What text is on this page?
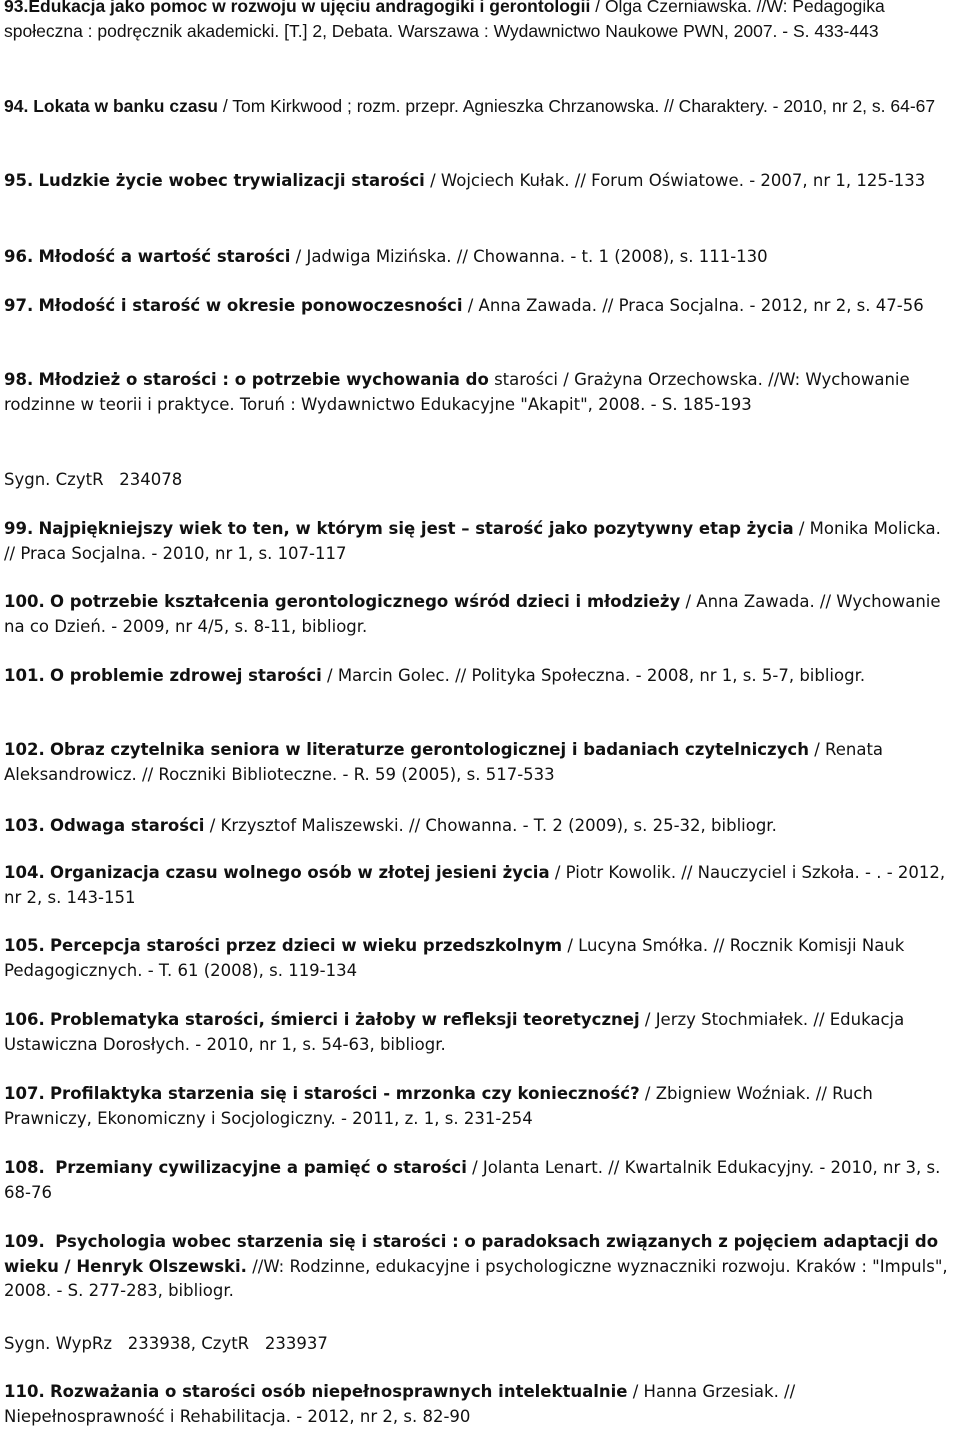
93.Edukacja jako pomoc w rozwoju w ujęciu andragogiki i gerontologii / Olga Czerniawska. //W: Pedagogika społeczna : podręcznik akademicki. [T.] 2, Debata. Warszawa : Wydawnictwo Naukowe PWN, 2007. - S. 433-443

94. Lokata w banku czasu / Tom Kirkwood ; rozm. przepr. Agnieszka Chrzanowska. // Charaktery. - 2010, nr 2, s. 64-67

95. Ludzkie życie wobec trywializacji starości / Wojciech Kułak. // Forum Oświatowe. - 2007, nr 1, 125-133

96. Młodość a wartość starości / Jadwiga Mizińska. // Chowanna. - t. 1 (2008), s. 111-130

97. Młodość i starość w okresie ponowoczesności / Anna Zawada. // Praca Socjalna. - 2012, nr 2, s. 47-56

98. Młodzież o starości : o potrzebie wychowania do starości / Grażyna Orzechowska. //W: Wychowanie rodzinne w teorii i praktyce. Toruń : Wydawnictwo Edukacyjne "Akapit", 2008. - S. 185-193

Sygn. CzytR   234078

99. Najpiękniejszy wiek to ten, w którym się jest – starość jako pozytywny etap życia / Monika Molicka. // Praca Socjalna. - 2010, nr 1, s. 107-117

100. O potrzebie kształcenia gerontologicznego wśród dzieci i młodzieży / Anna Zawada. // Wychowanie na co Dzień. - 2009, nr 4/5, s. 8-11, bibliogr.

101. O problemie zdrowej starości / Marcin Golec. // Polityka Społeczna. - 2008, nr 1, s. 5-7, bibliogr.

102. Obraz czytelnika seniora w literaturze gerontologicznej i badaniach czytelniczych / Renata Aleksandrowicz. // Roczniki Biblioteczne. - R. 59 (2005), s. 517-533

103. Odwaga starości / Krzysztof Maliszewski. // Chowanna. - T. 2 (2009), s. 25-32, bibliogr.

104. Organizacja czasu wolnego osób w złotej jesieni życia / Piotr Kowolik. // Nauczyciel i Szkoła. - . - 2012, nr 2, s. 143-151

105. Percepcja starości przez dzieci w wieku przedszkolnym / Lucyna Smółka. // Rocznik Komisji Nauk Pedagogicznych. - T. 61 (2008), s. 119-134

106. Problematyka starości, śmierci i żałoby w refleksji teoretycznej / Jerzy Stochmiałek. // Edukacja Ustawiczna Dorosłych. - 2010, nr 1, s. 54-63, bibliogr.

107. Profilaktyka starzenia się i starości - mrzonka czy konieczność? / Zbigniew Woźniak. // Ruch Prawniczy, Ekonomiczny i Socjologiczny. - 2011, z. 1, s. 231-254

108. Przemiany cywilizacyjne a pamięć o starości / Jolanta Lenart. // Kwartalnik Edukacyjny. - 2010, nr 3, s. 68-76

109. Psychologia wobec starzenia się i starości : o paradoksach związanych z pojęciem adaptacji do wieku / Henryk Olszewski. //W: Rodzinne, edukacyjne i psychologiczne wyznaczniki rozwoju. Kraków : "Impuls", 2008. - S. 277-283, bibliogr.

Sygn. WypRz   233938, CzytR   233937

110. Rozważania o starości osób niepełnosprawnych intelektualnie / Hanna Grzesiak. // Niepełnosprawność i Rehabilitacja. - 2012, nr 2, s. 82-90
